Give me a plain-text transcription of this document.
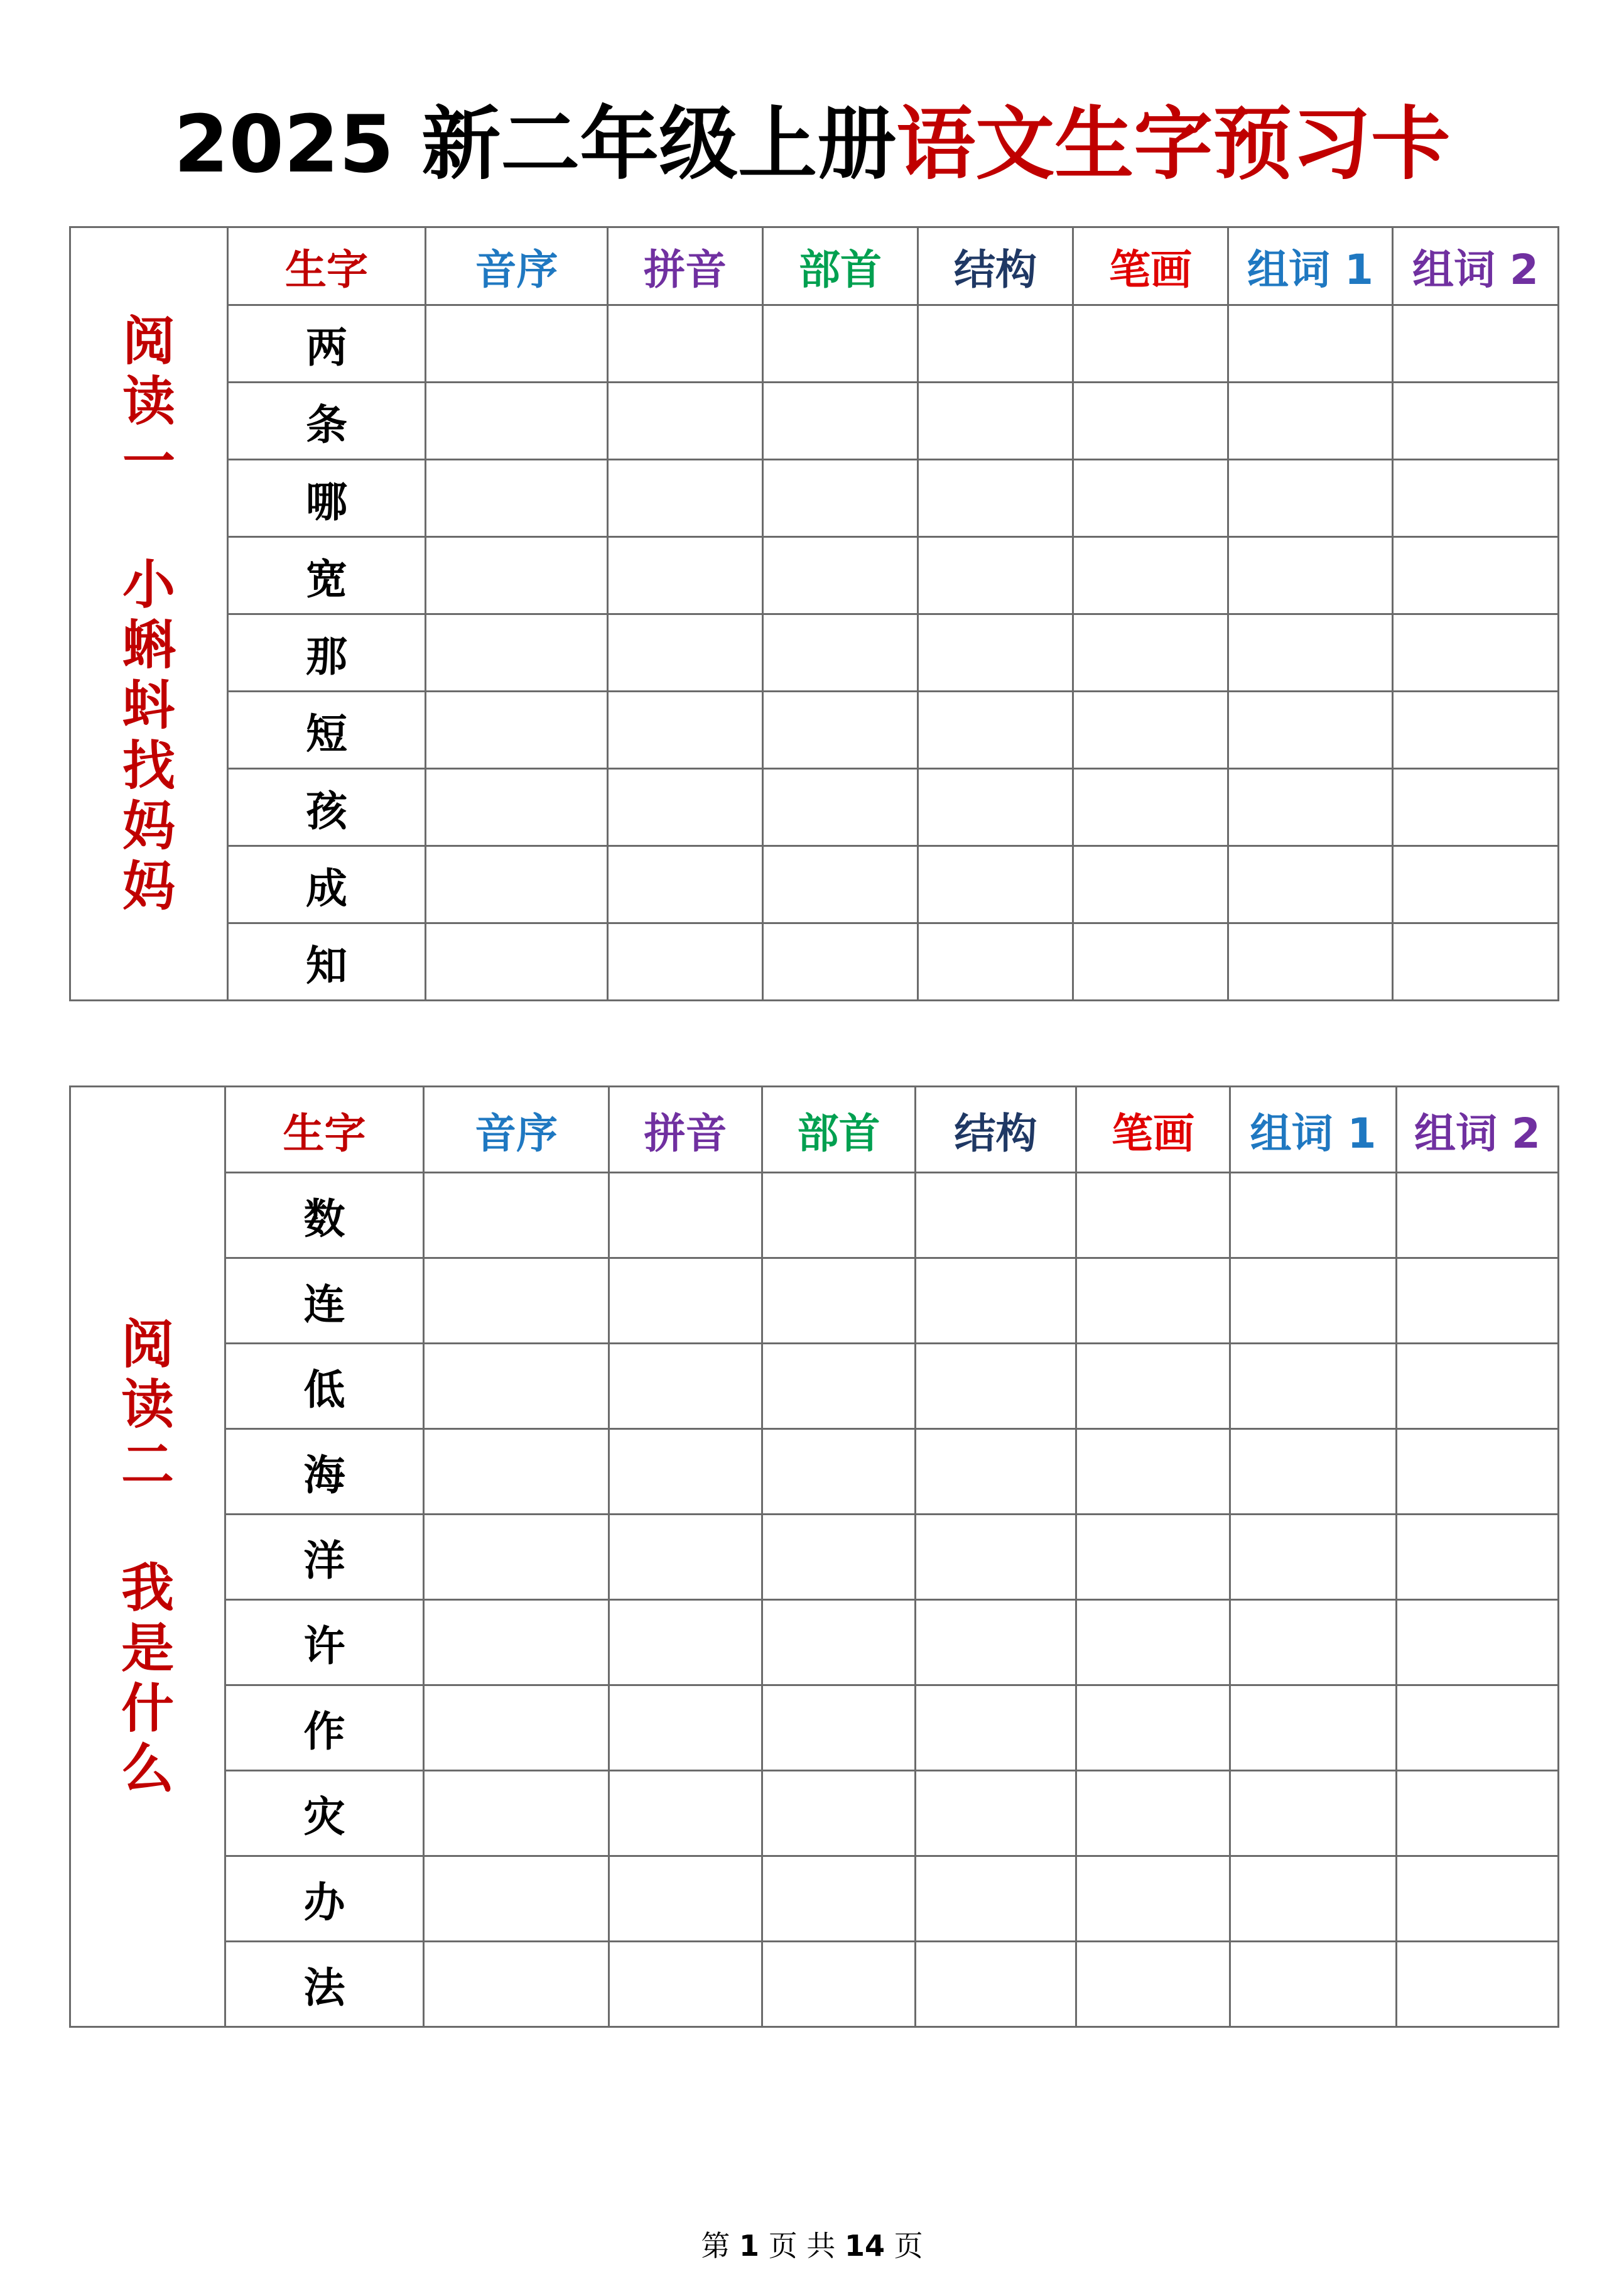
2025 新二年级上册语文生字预习卡
阅读一
小蝌蚪找妈妈	生字	音序	拼音	部首	结构	笔画	组词 1	组词 2
	两							
	条							
	哪							
	宽							
	那							
	短							
	孩							
	成							
	知							
阅读二
我是什么	生字	音序	拼音	部首	结构	笔画	组词 1	组词 2
	数							
	连							
	低							
	海							
	洋							
	许							
	作							
	灾							
	办							
	法							
第 1 页 共 14 页
